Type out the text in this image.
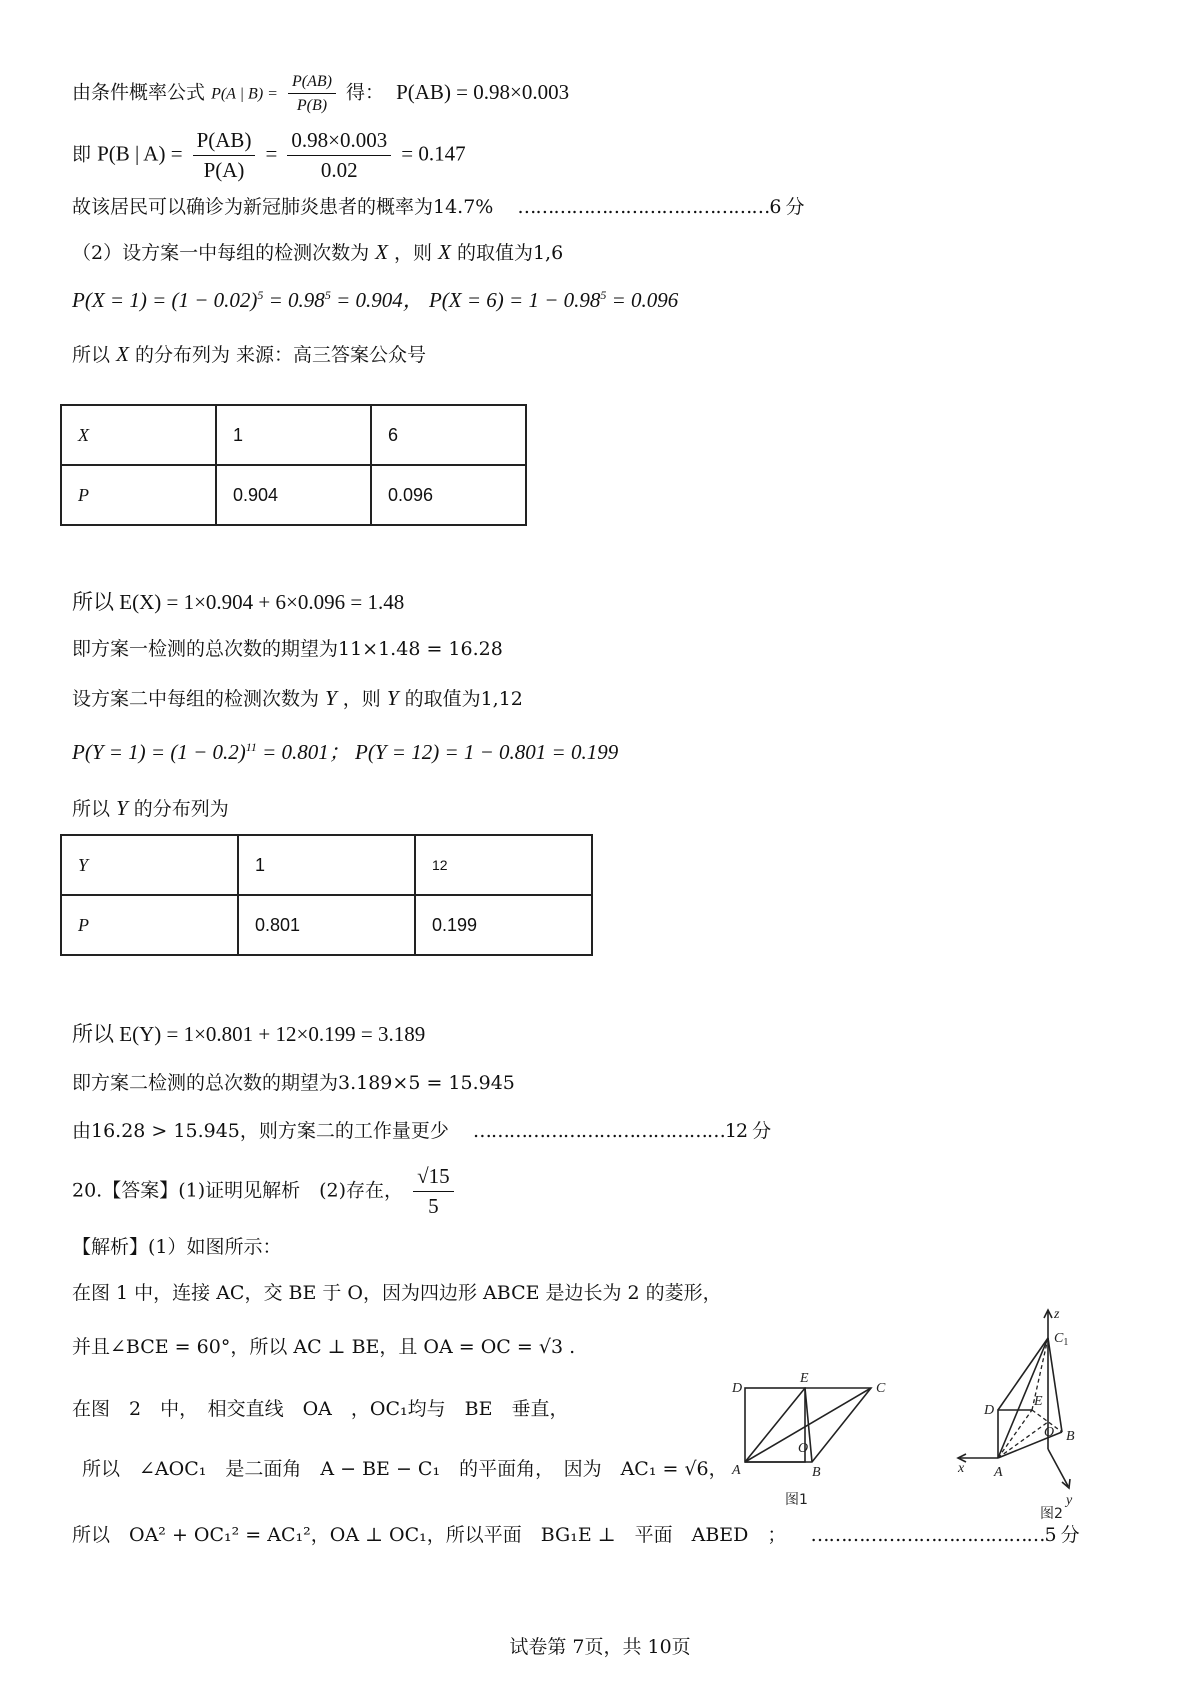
由条件概率公式 P(A | $B) = \frac{P(AB)}{P(B)}$ 得： P(AB) = 0.98×0.003
即 P(B | $A) = \frac{P(AB)}{P(A)} = \frac{0.98\times 0.003}{0.02} = 0.147$
故该居民可以确诊为新冠肺炎患者的概率为14.7% ……………………………………6 分
（2）设方案一中每组的检测次数为 X ，则 X 的取值为1,6
$P(X = 1) = (1 - 0.02)^5 = 0.98^5 = 0.904$， $P(X = 6) = 1 - 0.98^5 = 0.096$
所以 X 的分布列为 来源：高三答案公众号
X	1	6
P	0.904	0.096
所以 E(X) = 1×0.904 + 6×0.096 = 1.48
即方案一检测的总次数的期望为11×1.48 = 16.28
设方案二中每组的检测次数为 Y ，则 Y 的取值为1,12
$P(Y = 1) = (1 - 0.2)^{11} = 0.801$； P(Y = 12) = 1 − 0.801 = 0.199
所以 Y 的分布列为
Y	1	12
P	0.801	0.199
所以 E(Y) = 1×0.801 + 12×0.199 = 3.189
即方案二检测的总次数的期望为3.189×5 = 15.945
由16.28 > 15.945，则方案二的工作量更少 ……………………………………12 分
20.【答案】(1)证明见解析　(2)存在， $\frac{√15}{5}$
【解析】(1）如图所示：
在图 1 中，连接 AC，交 BE 于 O，因为四边形 ABCE 是边长为 2 的菱形，
并且∠BCE = 60°，所以 AC ⊥ BE，且 OA = OC = √3 .
在图　2　中，　相交直线　OA　，OC₁均与　BE　垂直，
所以　∠AOC₁　是二面角　A − BE − C₁　的平面角，　因为　AC₁ = √6，
所以　OA² + OC₁² = AC₁²，OA ⊥ OC₁，所以平面　BG₁E ⊥　平面　ABED　； …………………………………5 分
D
E
C
A
O
B
图1
z
$C_1$
D
E
O B
A
x
y
图2
试卷第 7页，共 10页
